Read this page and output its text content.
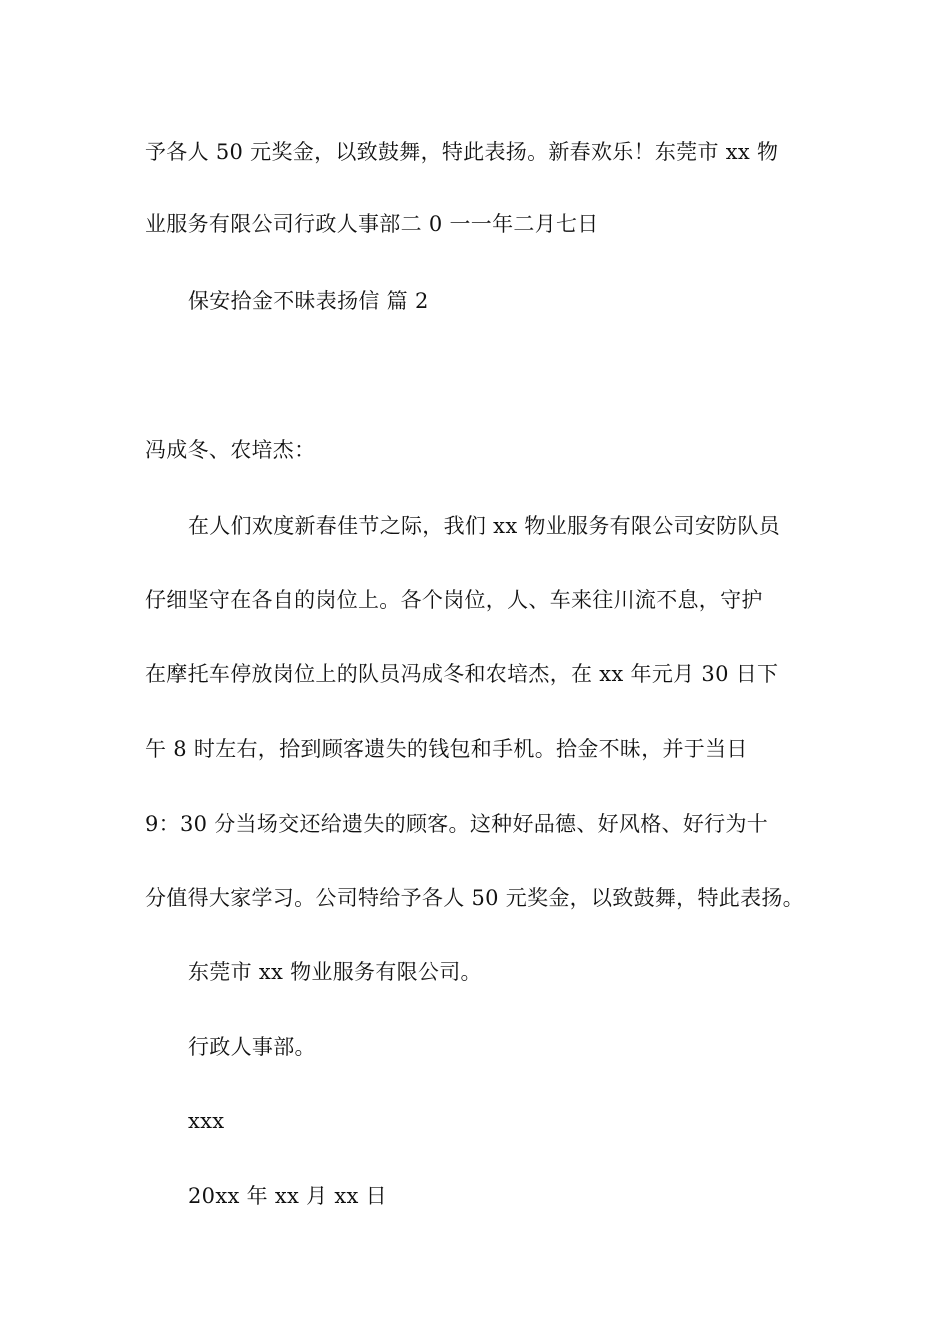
予各人 50 元奖金，以致鼓舞，特此表扬。新春欢乐！东莞市 xx 物
业服务有限公司行政人事部二 0 一一年二月七日
保安拾金不昧表扬信 篇 2
冯成冬、农培杰：
在人们欢度新春佳节之际，我们 xx 物业服务有限公司安防队员
仔细坚守在各自的岗位上。各个岗位，人、车来往川流不息，守护
在摩托车停放岗位上的队员冯成冬和农培杰，在 xx 年元月 30 日下
午 8 时左右，拾到顾客遗失的钱包和手机。拾金不昧，并于当日
9：30 分当场交还给遗失的顾客。这种好品德、好风格、好行为十
分值得大家学习。公司特给予各人 50 元奖金，以致鼓舞，特此表扬。
东莞市 xx 物业服务有限公司。
行政人事部。
xxx
20xx 年 xx 月 xx 日
